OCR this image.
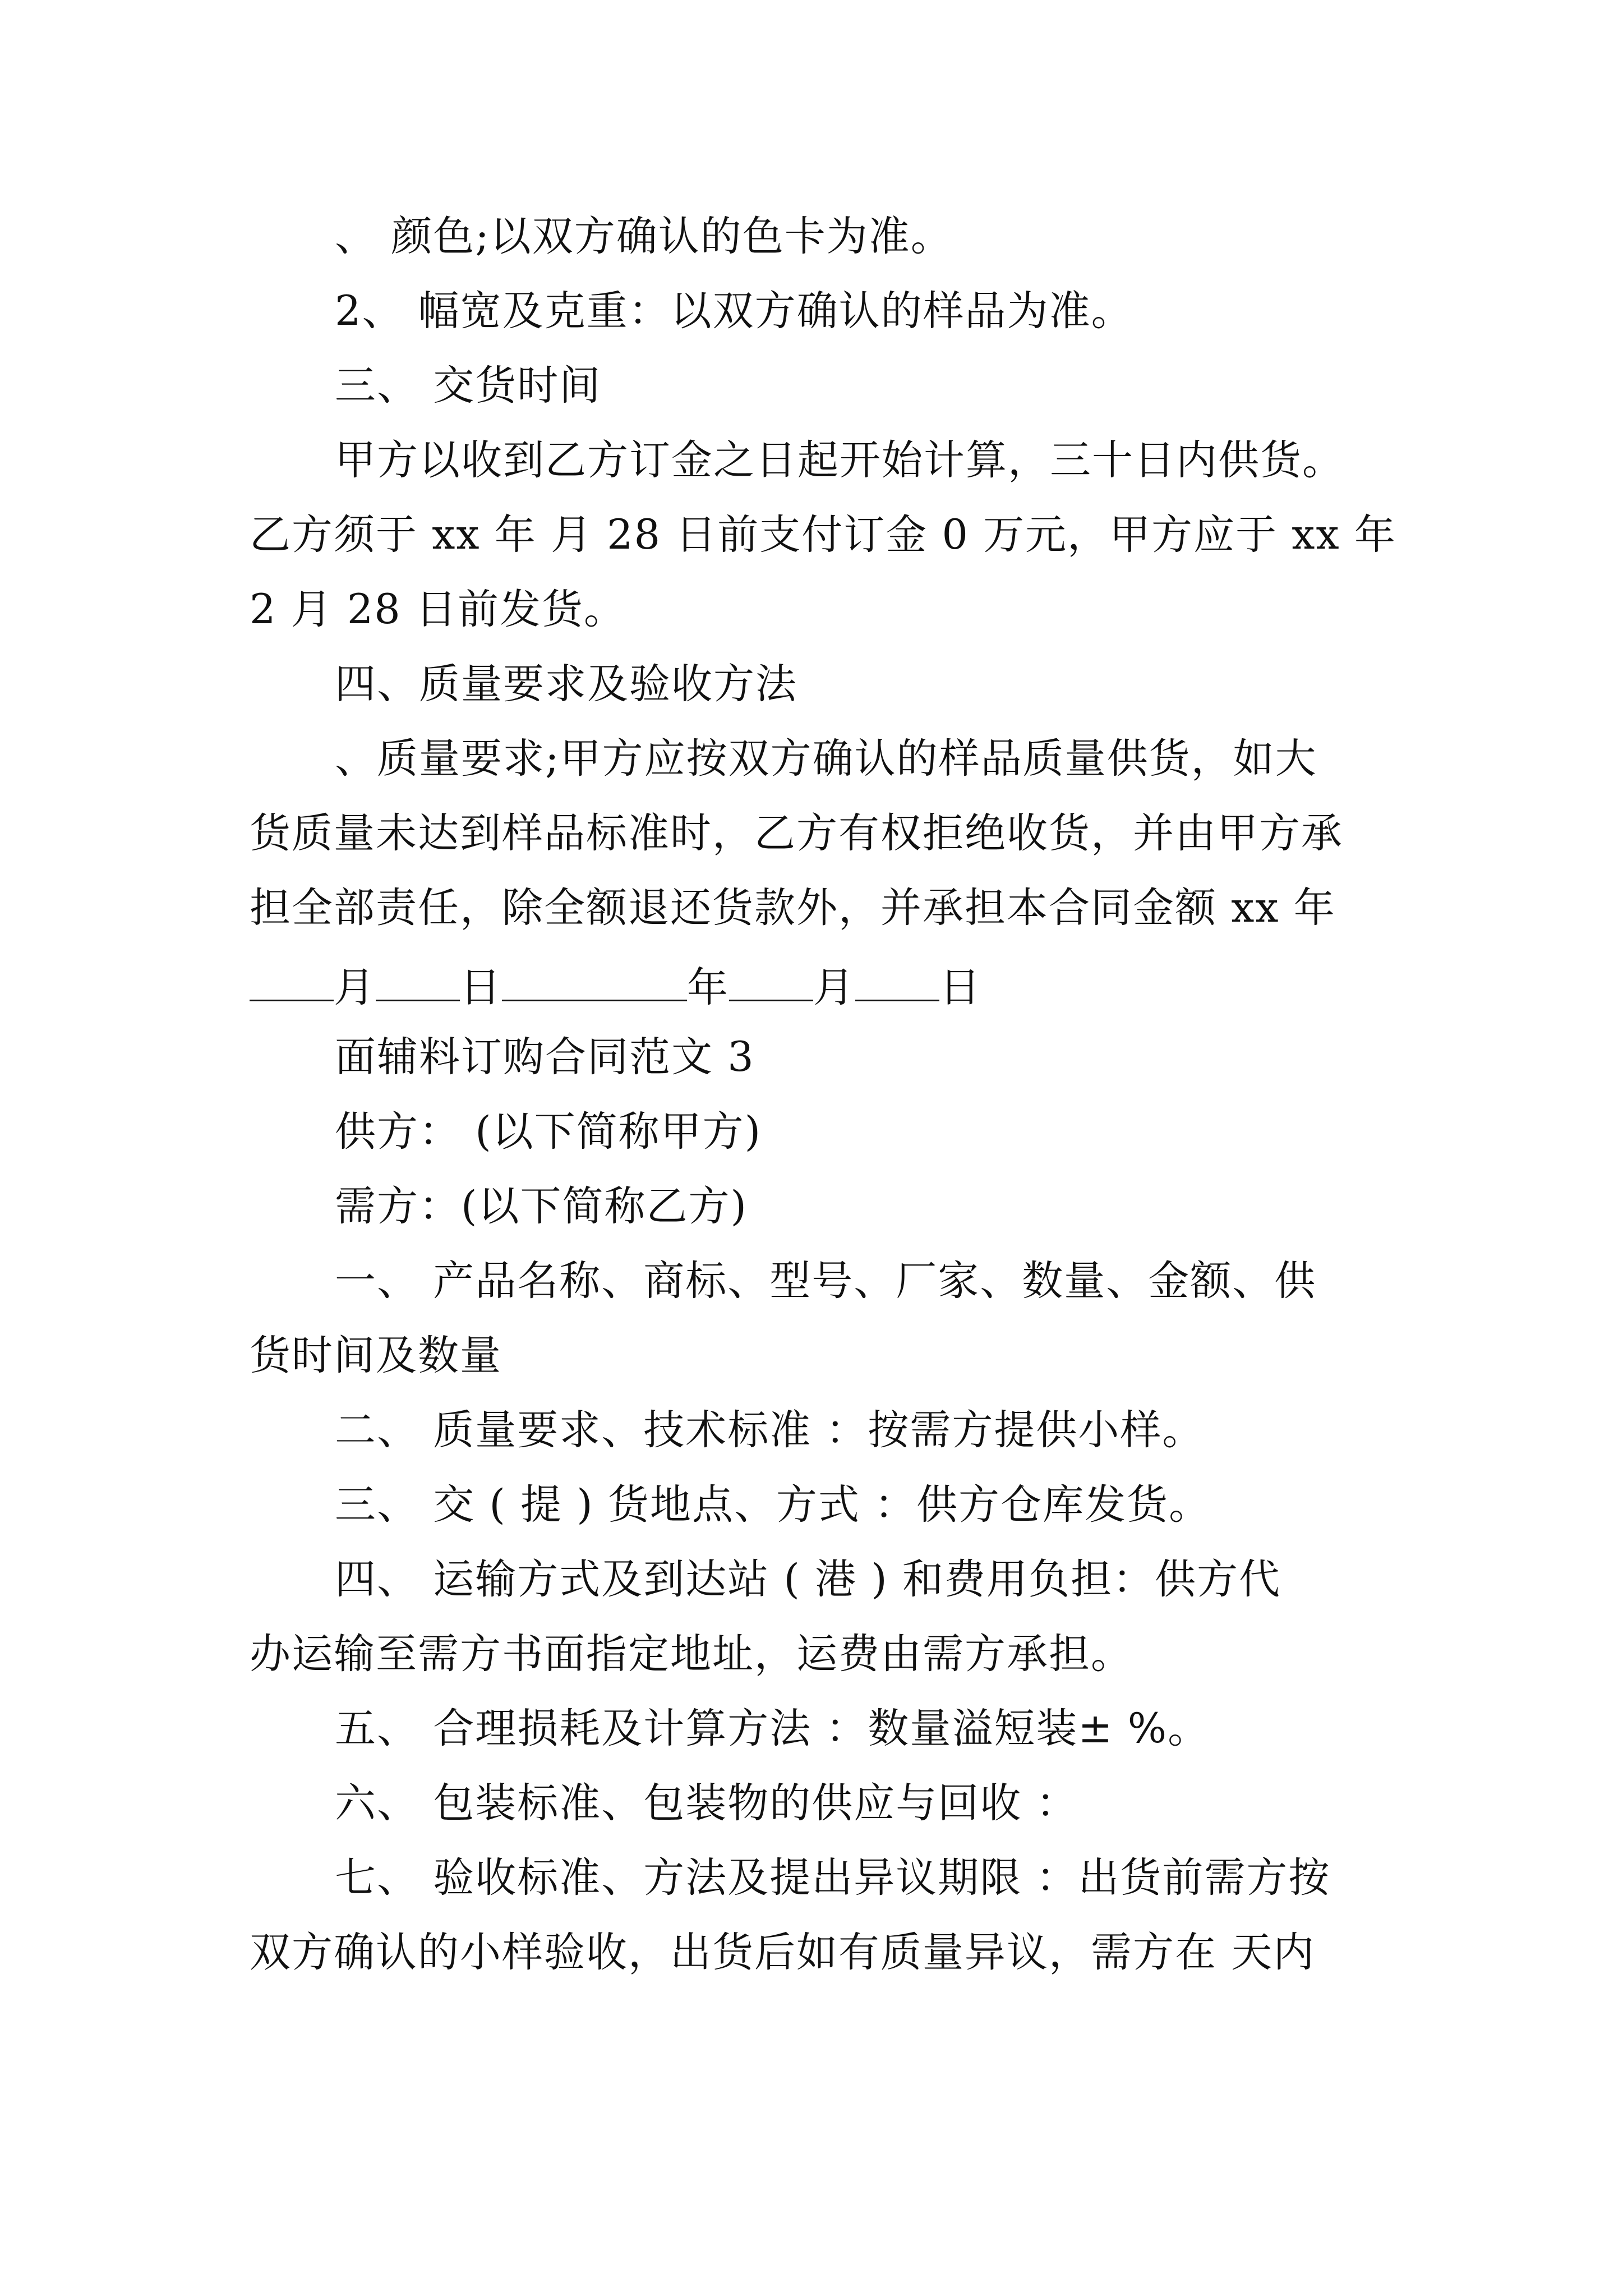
、 颜色;以双方确认的色卡为准。
2、 幅宽及克重：以双方确认的样品为准。
三、 交货时间
甲方以收到乙方订金之日起开始计算，三十日内供货。
乙方须于 xx 年 月 28 日前支付订金 0 万元，甲方应于 xx 年
2 月 28 日前发货。
四、质量要求及验收方法
、质量要求;甲方应按双方确认的样品质量供货，如大
货质量未达到样品标准时，乙方有权拒绝收货，并由甲方承
担全部责任，除全额退还货款外，并承担本合同金额 xx 年
月 日	年 月 日
面辅料订购合同范文 3
供方： (以下简称甲方)
需方：(以下简称乙方)
一、 产品名称、商标、型号、厂家、数量、金额、供
货时间及数量
二、 质量要求、技术标准 ：按需方提供小样。
三、 交 ( 提 ) 货地点、方式 ：供方仓库发货。
四、 运输方式及到达站 ( 港 ) 和费用负担：供方代
办运输至需方书面指定地址，运费由需方承担。
五、 合理损耗及计算方法 ：数量溢短装± %。
六、 包装标准、包装物的供应与回收 ：
七、 验收标准、方法及提出异议期限 ：出货前需方按
双方确认的小样验收，出货后如有质量异议，需方在 天内
